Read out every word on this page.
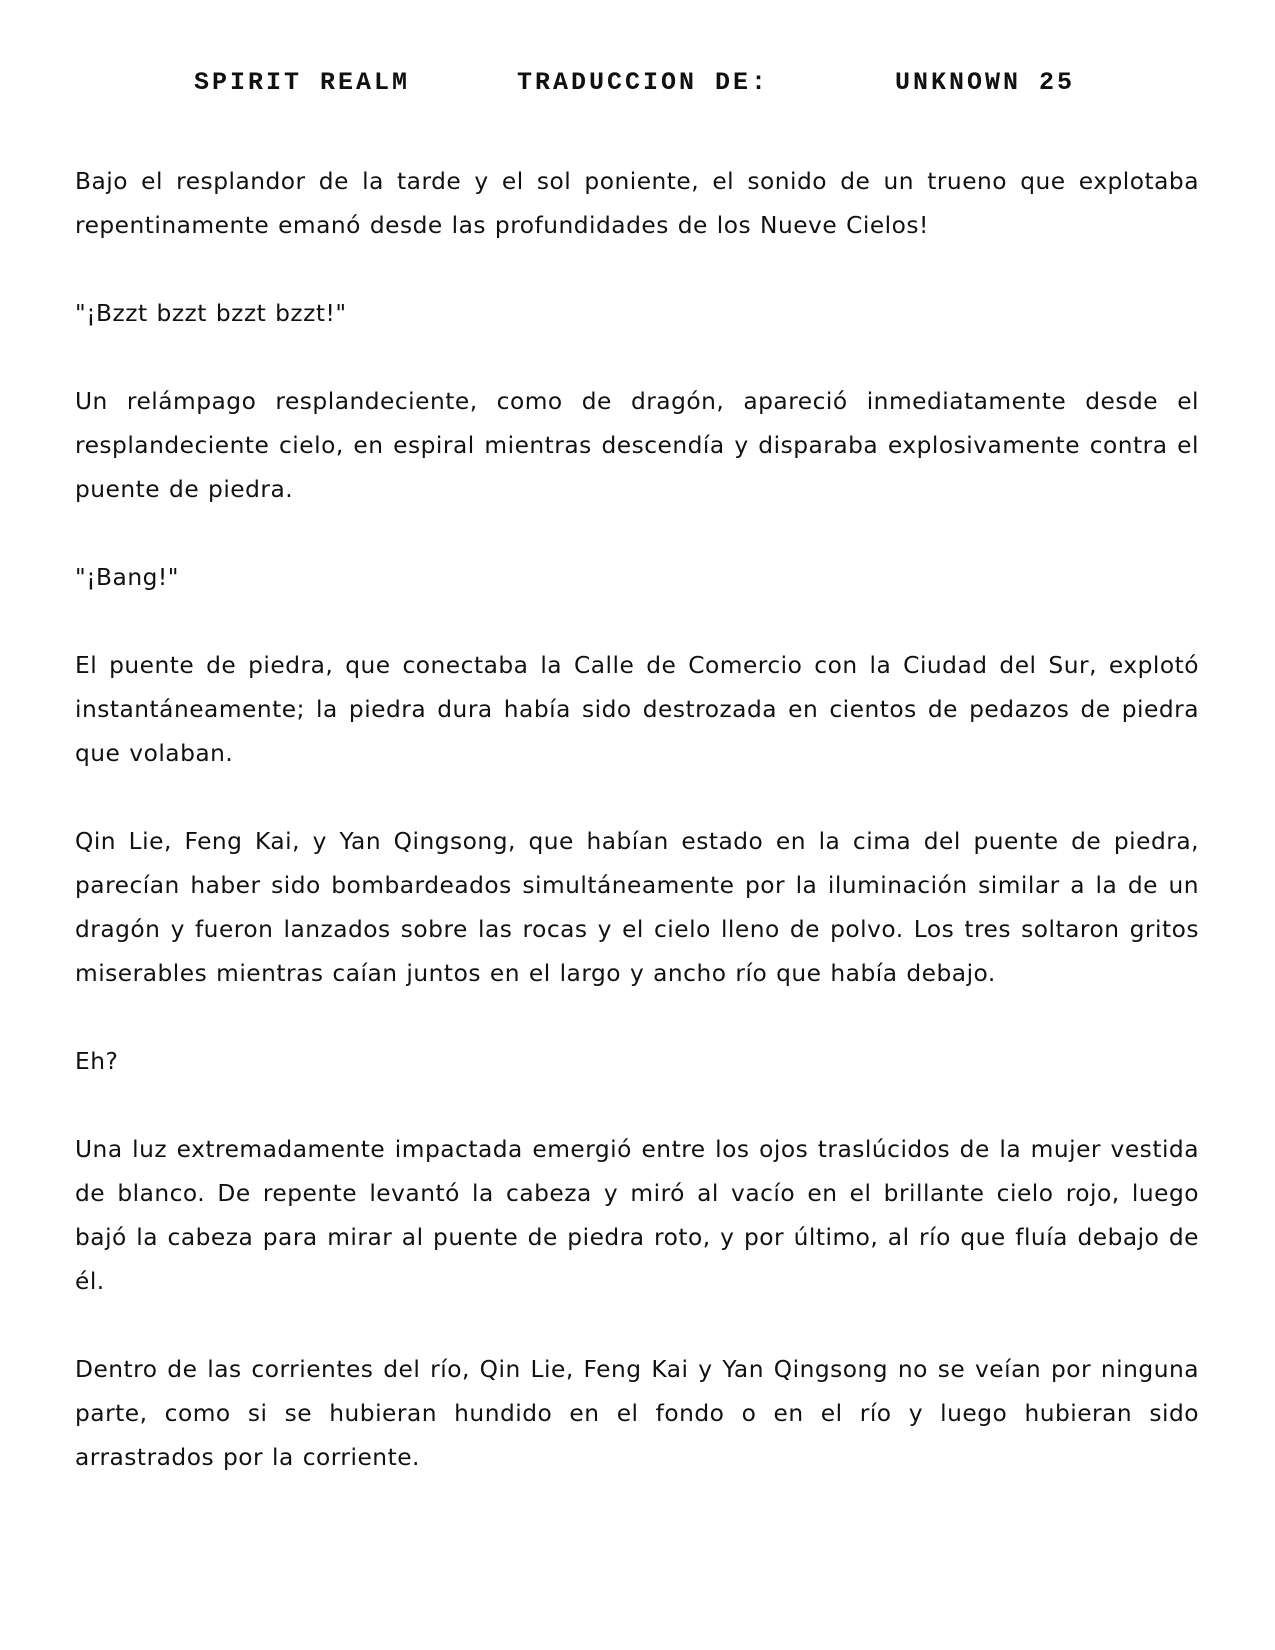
SPIRIT REALM	TRADUCCION DE:	UNKNOWN 25

Bajo el resplandor de la tarde y el sol poniente, el sonido de un trueno que explotaba repentinamente emanó desde las profundidades de los Nueve Cielos!

"¡Bzzt bzzt bzzt bzzt!"

Un relámpago resplandeciente, como de dragón, apareció inmediatamente desde el resplandeciente cielo, en espiral mientras descendía y disparaba explosivamente contra el puente de piedra.

"¡Bang!"

El puente de piedra, que conectaba la Calle de Comercio con la Ciudad del Sur, explotó instantáneamente; la piedra dura había sido destrozada en cientos de pedazos de piedra que volaban.

Qin Lie, Feng Kai, y Yan Qingsong, que habían estado en la cima del puente de piedra, parecían haber sido bombardeados simultáneamente por la iluminación similar a la de un dragón y fueron lanzados sobre las rocas y el cielo lleno de polvo. Los tres soltaron gritos miserables mientras caían juntos en el largo y ancho río que había debajo.

Eh?

Una luz extremadamente impactada emergió entre los ojos traslúcidos de la mujer vestida de blanco. De repente levantó la cabeza y miró al vacío en el brillante cielo rojo, luego bajó la cabeza para mirar al puente de piedra roto, y por último, al río que fluía debajo de él.

Dentro de las corrientes del río, Qin Lie, Feng Kai y Yan Qingsong no se veían por ninguna parte, como si se hubieran hundido en el fondo o en el río y luego hubieran sido arrastrados por la corriente.
